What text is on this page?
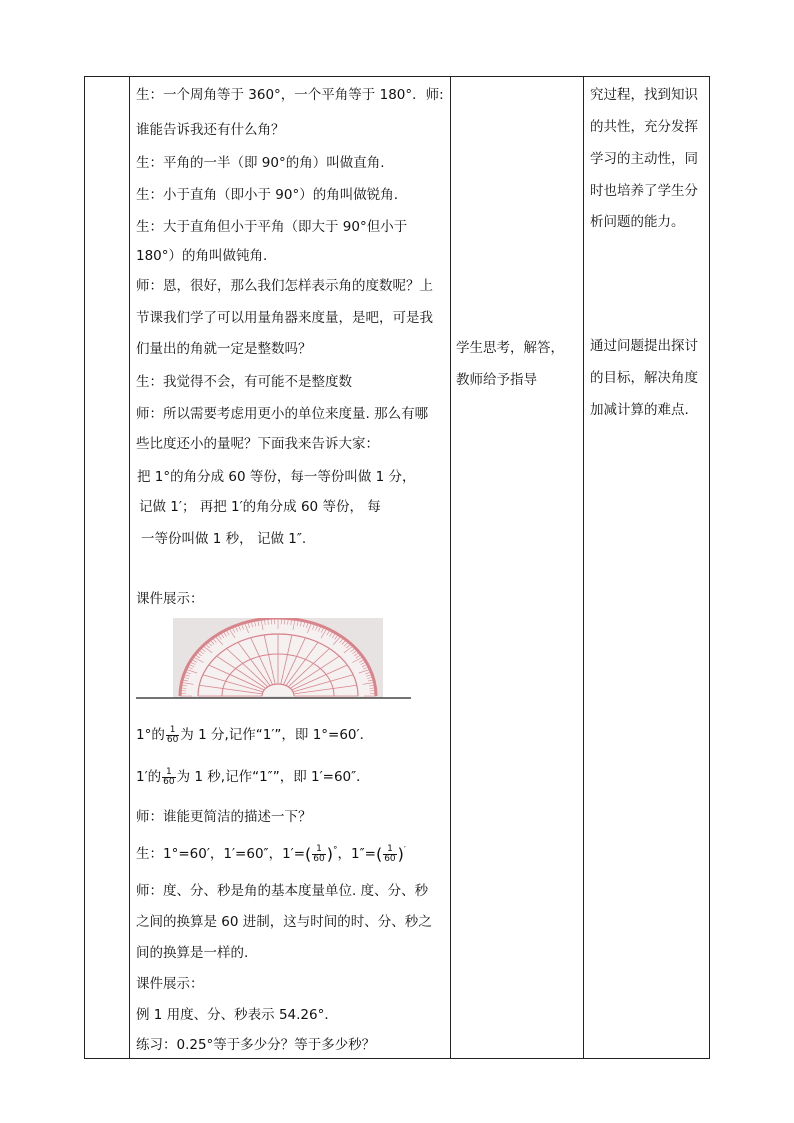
生：一个周角等于 360°，一个平角等于 180°．师:
谁能告诉我还有什么角？
生：平角的一半（即 90°的角）叫做直角.
生：小于直角（即小于 90°）的角叫做锐角.
生：大于直角但小于平角（即大于 90°但小于
180°）的角叫做钝角.
师：恩，很好，那么我们怎样表示角的度数呢？上
节课我们学了可以用量角器来度量，是吧，可是我
们量出的角就一定是整数吗？
生：我觉得不会，有可能不是整度数
师：所以需要考虑用更小的单位来度量. 那么有哪
些比度还小的量呢？下面我来告诉大家：
把 1°的角分成 60 等份，每一等份叫做 1 分，
记做 1′； 再把 1′的角分成 60 等份， 每
一等份叫做 1 秒， 记做 1″.
课件展示：
1°的 $\frac{1}{60}$ 为 1 分,记作“1′”，即 1°=60′．
1′的 $\frac{1}{60}$ 为 1 秒,记作“1″”，即 1′=60″．
师：谁能更简洁的描述一下？
生：1°=60′，1′=60″，$1'=( \frac{1}{60} )^\circ$，$1''=( \frac{1}{60} )'$
师：度、分、秒是角的基本度量单位. 度、分、秒
之间的换算是 60 进制，这与时间的时、分、秒之
间的换算是一样的.
课件展示：
例 1 用度、分、秒表示 54.26°．
练习：0.25°等于多少分？等于多少秒？
学生思考，解答，
教师给予指导
究过程，找到知识
的共性，充分发挥
学习的主动性，同
时也培养了学生分
析问题的能力。
通过问题提出探讨
的目标，解决角度
加减计算的难点.
